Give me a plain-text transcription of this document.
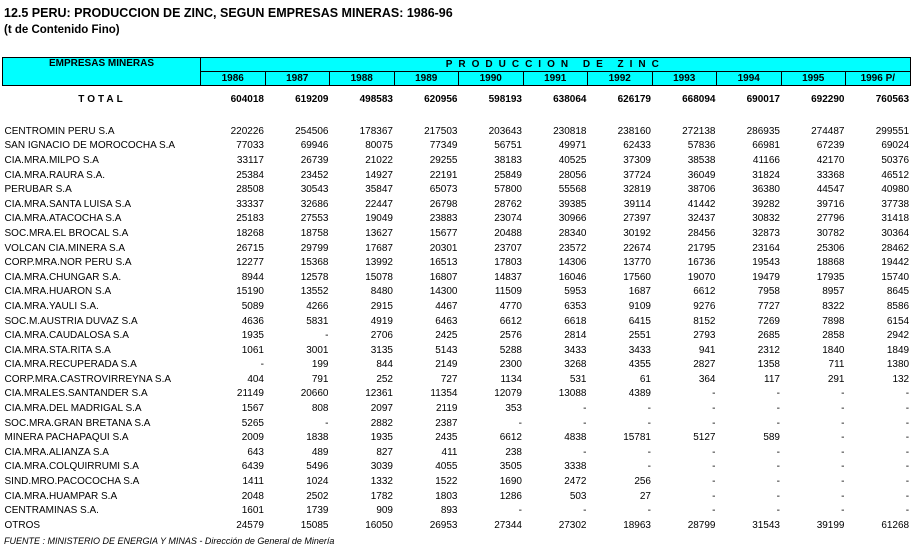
12.5 PERU: PRODUCCION DE ZINC, SEGUN EMPRESAS MINERAS: 1986-96
(t de Contenido Fino)
EMPRESAS MINERAS	PRODUCCION DE ZINC										
	1986	1987	1988	1989	1990	1991	1992	1993	1994	1995	1996 P/
TOTAL	604018	619209	498583	620956	598193	638064	626179	668094	690017	692290	760563

CENTROMIN PERU S.A	220226	254506	178367	217503	203643	230818	238160	272138	286935	274487	299551
SAN IGNACIO DE MOROCOCHA S.A	77033	69946	80075	77349	56751	49971	62433	57836	66981	67239	69024
CIA.MRA.MILPO S.A	33117	26739	21022	29255	38183	40525	37309	38538	41166	42170	50376
CIA.MRA.RAURA S.A.	25384	23452	14927	22191	25849	28056	37724	36049	31824	33368	46512
PERUBAR S.A	28508	30543	35847	65073	57800	55568	32819	38706	36380	44547	40980
CIA.MRA.SANTA LUISA S.A	33337	32686	22447	26798	28762	39385	39114	41442	39282	39716	37738
CIA.MRA.ATACOCHA S.A	25183	27553	19049	23883	23074	30966	27397	32437	30832	27796	31418
SOC.MRA.EL BROCAL S.A	18268	18758	13627	15677	20488	28340	30192	28456	32873	30782	30364
VOLCAN CIA.MINERA S.A	26715	29799	17687	20301	23707	23572	22674	21795	23164	25306	28462
CORP.MRA.NOR PERU S.A	12277	15368	13992	16513	17803	14306	13770	16736	19543	18868	19442
CIA.MRA.CHUNGAR S.A.	8944	12578	15078	16807	14837	16046	17560	19070	19479	17935	15740
CIA.MRA.HUARON S.A	15190	13552	8480	14300	11509	5953	1687	6612	7958	8957	8645
CIA.MRA.YAULI S.A.	5089	4266	2915	4467	4770	6353	9109	9276	7727	8322	8586
SOC.M.AUSTRIA DUVAZ S.A	4636	5831	4919	6463	6612	6618	6415	8152	7269	7898	6154
CIA.MRA.CAUDALOSA S.A	1935	-	2706	2425	2576	2814	2551	2793	2685	2858	2942
CIA.MRA.STA.RITA S.A	1061	3001	3135	5143	5288	3433	3433	941	2312	1840	1849
CIA.MRA.RECUPERADA S.A	-	199	844	2149	2300	3268	4355	2827	1358	711	1380
CORP.MRA.CASTROVIRREYNA S.A	404	791	252	727	1134	531	61	364	117	291	132
CIA.MRALES.SANTANDER S.A	21149	20660	12361	11354	12079	13088	4389	-	-	-	-
CIA.MRA.DEL MADRIGAL S.A	1567	808	2097	2119	353	-	-	-	-	-	-
SOC.MRA.GRAN BRETANA S.A	5265	-	2882	2387	-	-	-	-	-	-	-
MINERA PACHAPAQUI S.A	2009	1838	1935	2435	6612	4838	15781	5127	589	-	-
CIA.MRA.ALIANZA S.A	643	489	827	411	238	-	-	-	-	-	-
CIA.MRA.COLQUIRRUMI S.A	6439	5496	3039	4055	3505	3338	-	-	-	-	-
SIND.MRO.PACOCOCHA S.A	1411	1024	1332	1522	1690	2472	256	-	-	-	-
CIA.MRA.HUAMPAR S.A	2048	2502	1782	1803	1286	503	27	-	-	-	-
CENTRAMINAS S.A.	1601	1739	909	893	-	-	-	-	-	-	-
OTROS	24579	15085	16050	26953	27344	27302	18963	28799	31543	39199	61268
FUENTE : MINISTERIO DE ENERGIA Y MINAS - Dirección de General de Minería
